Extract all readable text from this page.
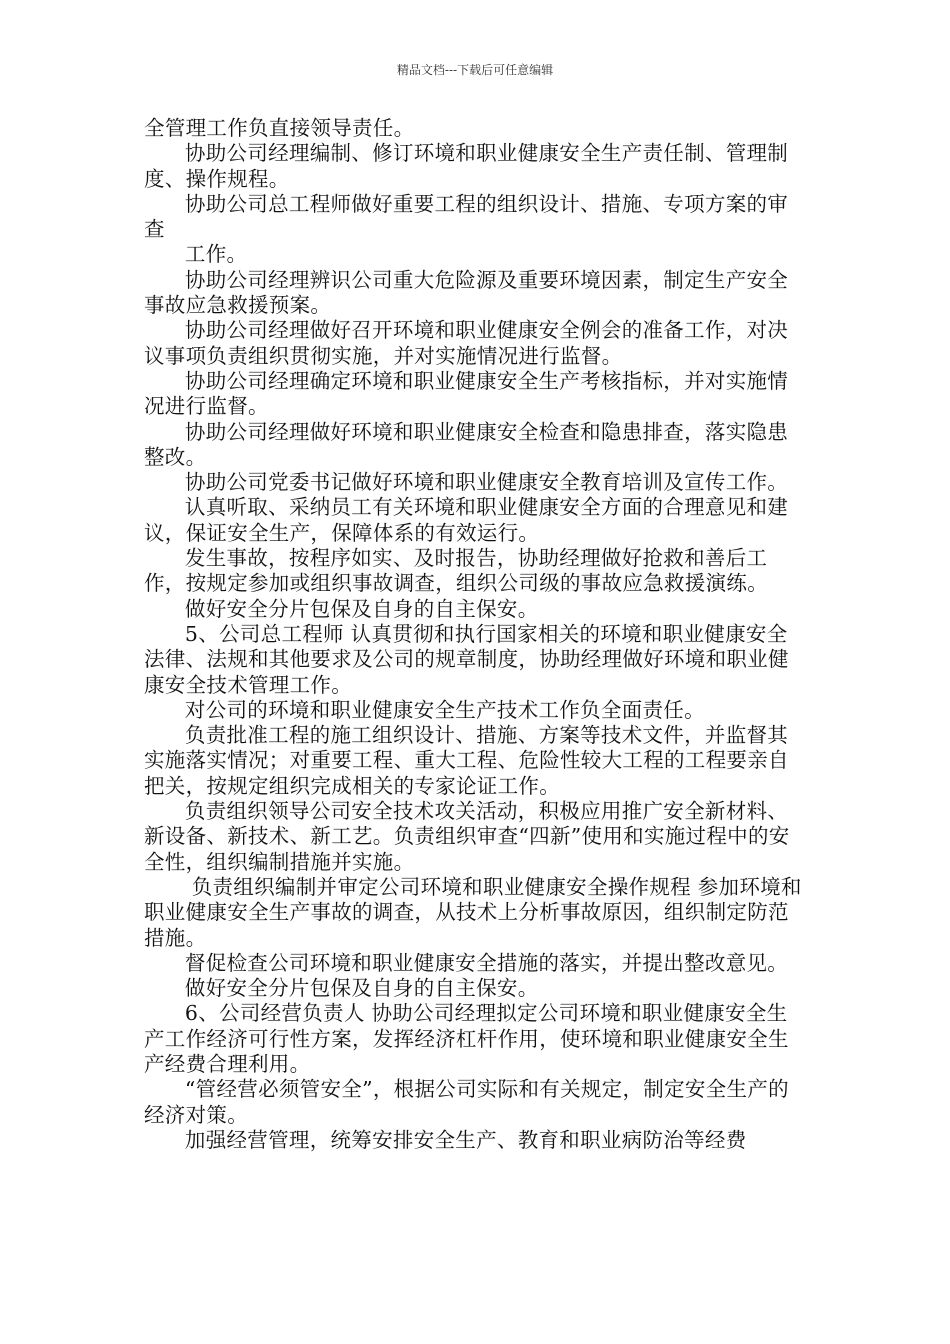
精品文档---下载后可任意编辑

全管理工作负直接领导责任。

协助公司经理编制、修订环境和职业健康安全生产责任制、管理制度、操作规程。

协助公司总工程师做好重要工程的组织设计、措施、专项方案的审查

工作。

协助公司经理辨识公司重大危险源及重要环境因素，制定生产安全事故应急救援预案。

协助公司经理做好召开环境和职业健康安全例会的准备工作，对决议事项负责组织贯彻实施，并对实施情况进行监督。

协助公司经理确定环境和职业健康安全生产考核指标，并对实施情况进行监督。

协助公司经理做好环境和职业健康安全检查和隐患排查，落实隐患整改。

协助公司党委书记做好环境和职业健康安全教育培训及宣传工作。

认真听取、采纳员工有关环境和职业健康安全方面的合理意见和建议，保证安全生产，保障体系的有效运行。

发生事故，按程序如实、及时报告，协助经理做好抢救和善后工作，按规定参加或组织事故调查，组织公司级的事故应急救援演练。

做好安全分片包保及自身的自主保安。

5、公司总工程师 认真贯彻和执行国家相关的环境和职业健康安全法律、法规和其他要求及公司的规章制度，协助经理做好环境和职业健康安全技术管理工作。

对公司的环境和职业健康安全生产技术工作负全面责任。

负责批准工程的施工组织设计、措施、方案等技术文件，并监督其实施落实情况；对重要工程、重大工程、危险性较大工程的工程要亲自把关，按规定组织完成相关的专家论证工作。

负责组织领导公司安全技术攻关活动，积极应用推广安全新材料、新设备、新技术、新工艺。负责组织审查“四新”使用和实施过程中的安全性，组织编制措施并实施。

负责组织编制并审定公司环境和职业健康安全操作规程 参加环境和职业健康安全生产事故的调查，从技术上分析事故原因，组织制定防范措施。

督促检查公司环境和职业健康安全措施的落实，并提出整改意见。

做好安全分片包保及自身的自主保安。

6、公司经营负责人 协助公司经理拟定公司环境和职业健康安全生产工作经济可行性方案，发挥经济杠杆作用，使环境和职业健康安全生产经费合理利用。

“管经营必须管安全”，根据公司实际和有关规定，制定安全生产的经济对策。

加强经营管理，统筹安排安全生产、教育和职业病防治等经费
